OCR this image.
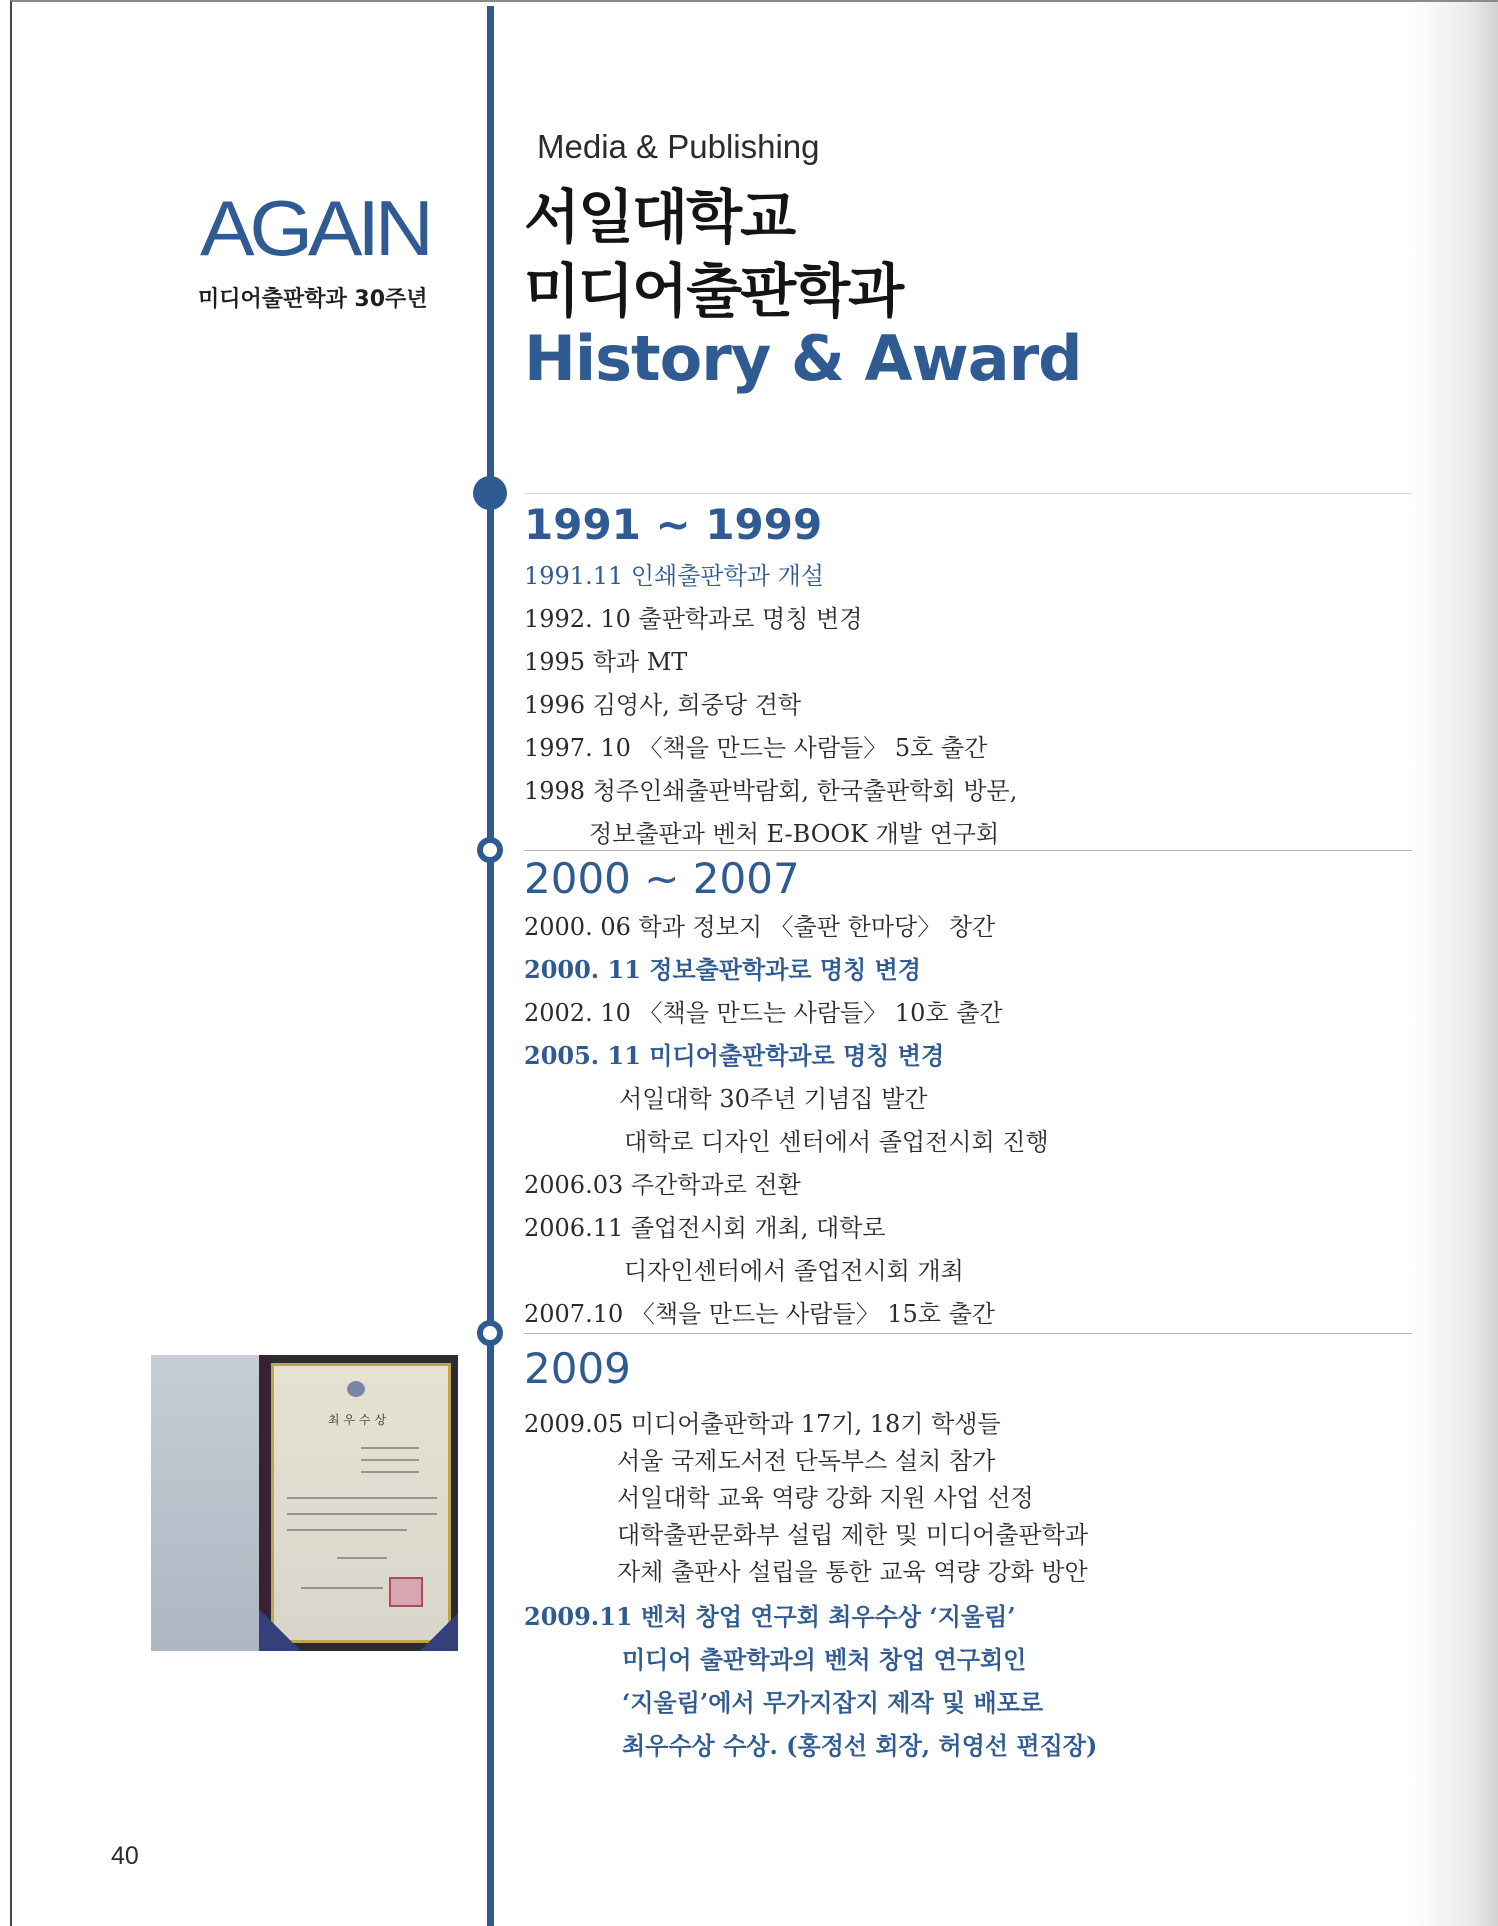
AGAIN
미디어출판학과 30주년
Media & Publishing
서일대학교
미디어출판학과
History & Award
1991 ~ 1999
1991.11 인쇄출판학과 개설
1992. 10 출판학과로 명칭 변경
1995 학과 MT
1996 김영사, 희중당 견학
1997. 10 〈책을 만드는 사람들〉 5호 출간
1998 청주인쇄출판박람회, 한국출판학회 방문,
정보출판과 벤처 E-BOOK 개발 연구회
2000 ~ 2007
2000. 06 학과 정보지 〈출판 한마당〉 창간
2000. 11 정보출판학과로 명칭 변경
2002. 10 〈책을 만드는 사람들〉 10호 출간
2005. 11 미디어출판학과로 명칭 변경
서일대학 30주년 기념집 발간
대학로 디자인 센터에서 졸업전시회 진행
2006.03 주간학과로 전환
2006.11 졸업전시회 개최, 대학로
디자인센터에서 졸업전시회 개최
2007.10 〈책을 만드는 사람들〉 15호 출간
2009
2009.05 미디어출판학과 17기, 18기 학생들
서울 국제도서전 단독부스 설치 참가
서일대학 교육 역량 강화 지원 사업 선정
대학출판문화부 설립 제한 및 미디어출판학과
자체 출판사 설립을 통한 교육 역량 강화 방안
2009.11 벤처 창업 연구회 최우수상 ‘지울림’
미디어 출판학과의 벤처 창업 연구회인
‘지울림’에서 무가지잡지 제작 및 배포로
최우수상 수상. (홍정선 회장, 허영선 편집장)
최우수상
40
